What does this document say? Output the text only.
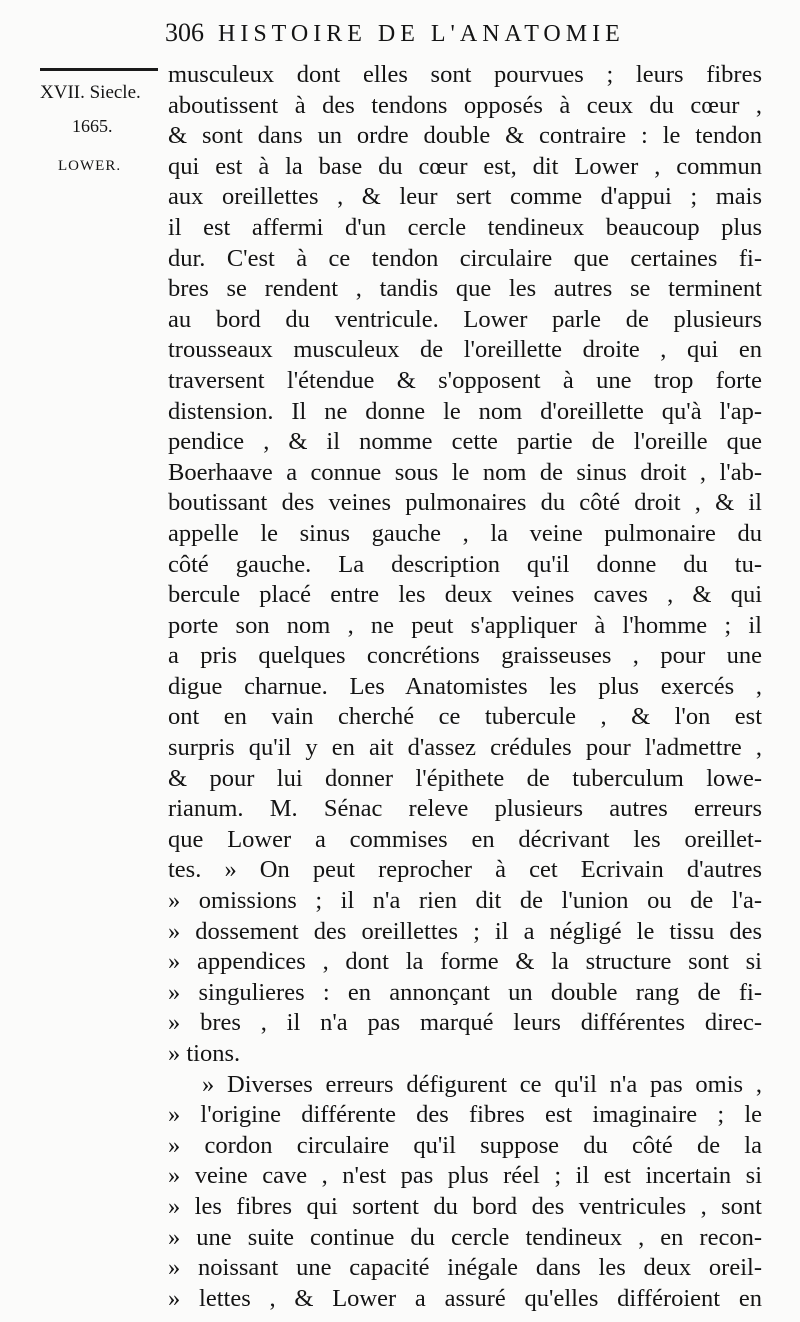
306 HISTOIRE DE L'ANATOMIE
XVII. Siecle.
1665.
LOWER.
musculeux dont elles sont pourvues ; leurs fibres
aboutissent à des tendons opposés à ceux du cœur ,
& sont dans un ordre double & contraire : le tendon
qui est à la base du cœur est, dit Lower , commun
aux oreillettes , & leur sert comme d'appui ; mais
il est affermi d'un cercle tendineux beaucoup plus
dur. C'est à ce tendon circulaire que certaines fi-
bres se rendent , tandis que les autres se terminent
au bord du ventricule. Lower parle de plusieurs
trousseaux musculeux de l'oreillette droite , qui en
traversent l'étendue & s'opposent à une trop forte
distension. Il ne donne le nom d'oreillette qu'à l'ap-
pendice , & il nomme cette partie de l'oreille que
Boerhaave a connue sous le nom de sinus droit , l'ab-
boutissant des veines pulmonaires du côté droit , & il
appelle le sinus gauche , la veine pulmonaire du
côté gauche. La description qu'il donne du tu-
bercule placé entre les deux veines caves , & qui
porte son nom , ne peut s'appliquer à l'homme ; il
a pris quelques concrétions graisseuses , pour une
digue charnue. Les Anatomistes les plus exercés ,
ont en vain cherché ce tubercule , & l'on est
surpris qu'il y en ait d'assez crédules pour l'admettre ,
& pour lui donner l'épithete de tuberculum lowe-
rianum. M. Sénac releve plusieurs autres erreurs
que Lower a commises en décrivant les oreillet-
tes. » On peut reprocher à cet Ecrivain d'autres
» omissions ; il n'a rien dit de l'union ou de l'a-
» dossement des oreillettes ; il a négligé le tissu des
» appendices , dont la forme & la structure sont si
» singulieres : en annonçant un double rang de fi-
» bres , il n'a pas marqué leurs différentes direc-
» tions.
» Diverses erreurs défigurent ce qu'il n'a pas omis ,
» l'origine différente des fibres est imaginaire ; le
» cordon circulaire qu'il suppose du côté de la
» veine cave , n'est pas plus réel ; il est incertain si
» les fibres qui sortent du bord des ventricules , sont
» une suite continue du cercle tendineux , en recon-
» noissant une capacité inégale dans les deux oreil-
» lettes , & Lower a assuré qu'elles différoient en
